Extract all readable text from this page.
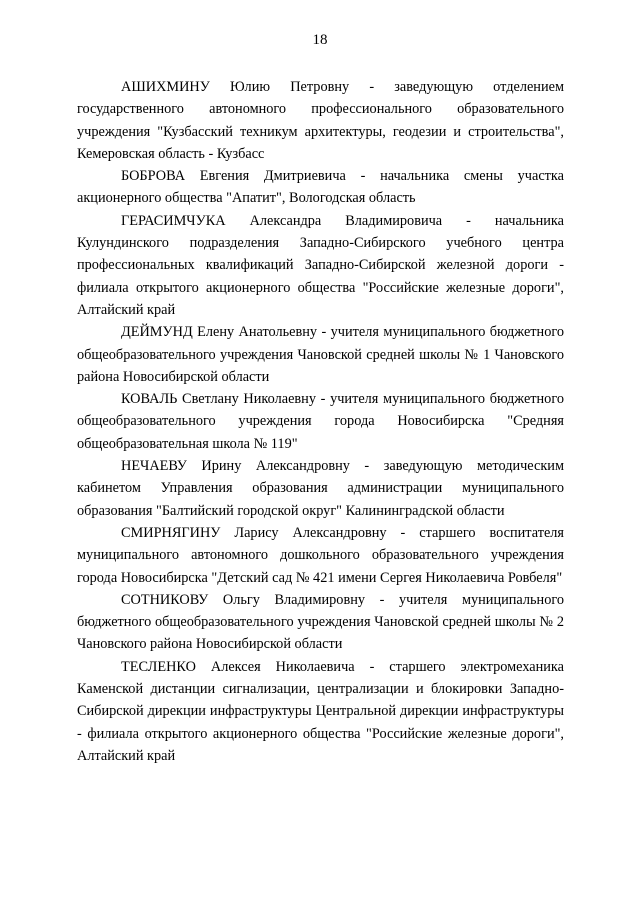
18

АШИХМИНУ Юлию Петровну - заведующую отделением государственного автономного профессионального образовательного учреждения "Кузбасский техникум архитектуры, геодезии и строительства", Кемеровская область - Кузбасс

БОБРОВА Евгения Дмитриевича - начальника смены участка акционерного общества "Апатит", Вологодская область

ГЕРАСИМЧУКА Александра Владимировича - начальника Кулундинского подразделения Западно-Сибирского учебного центра профессиональных квалификаций Западно-Сибирской железной дороги - филиала открытого акционерного общества "Российские железные дороги", Алтайский край

ДЕЙМУНД Елену Анатольевну - учителя муниципального бюджетного общеобразовательного учреждения Чановской средней школы № 1 Чановского района Новосибирской области

КОВАЛЬ Светлану Николаевну - учителя муниципального бюджетного общеобразовательного учреждения города Новосибирска "Средняя общеобразовательная школа № 119"

НЕЧАЕВУ Ирину Александровну - заведующую методическим кабинетом Управления образования администрации муниципального образования "Балтийский городской округ" Калининградской области

СМИРНЯГИНУ Ларису Александровну - старшего воспитателя муниципального автономного дошкольного образовательного учреждения города Новосибирска "Детский сад № 421 имени Сергея Николаевича Ровбеля"

СОТНИКОВУ Ольгу Владимировну - учителя муниципального бюджетного общеобразовательного учреждения Чановской средней школы № 2 Чановского района Новосибирской области

ТЕСЛЕНКО Алексея Николаевича - старшего электромеханика Каменской дистанции сигнализации, централизации и блокировки Западно-Сибирской дирекции инфраструктуры Центральной дирекции инфраструктуры - филиала открытого акционерного общества "Российские железные дороги", Алтайский край
